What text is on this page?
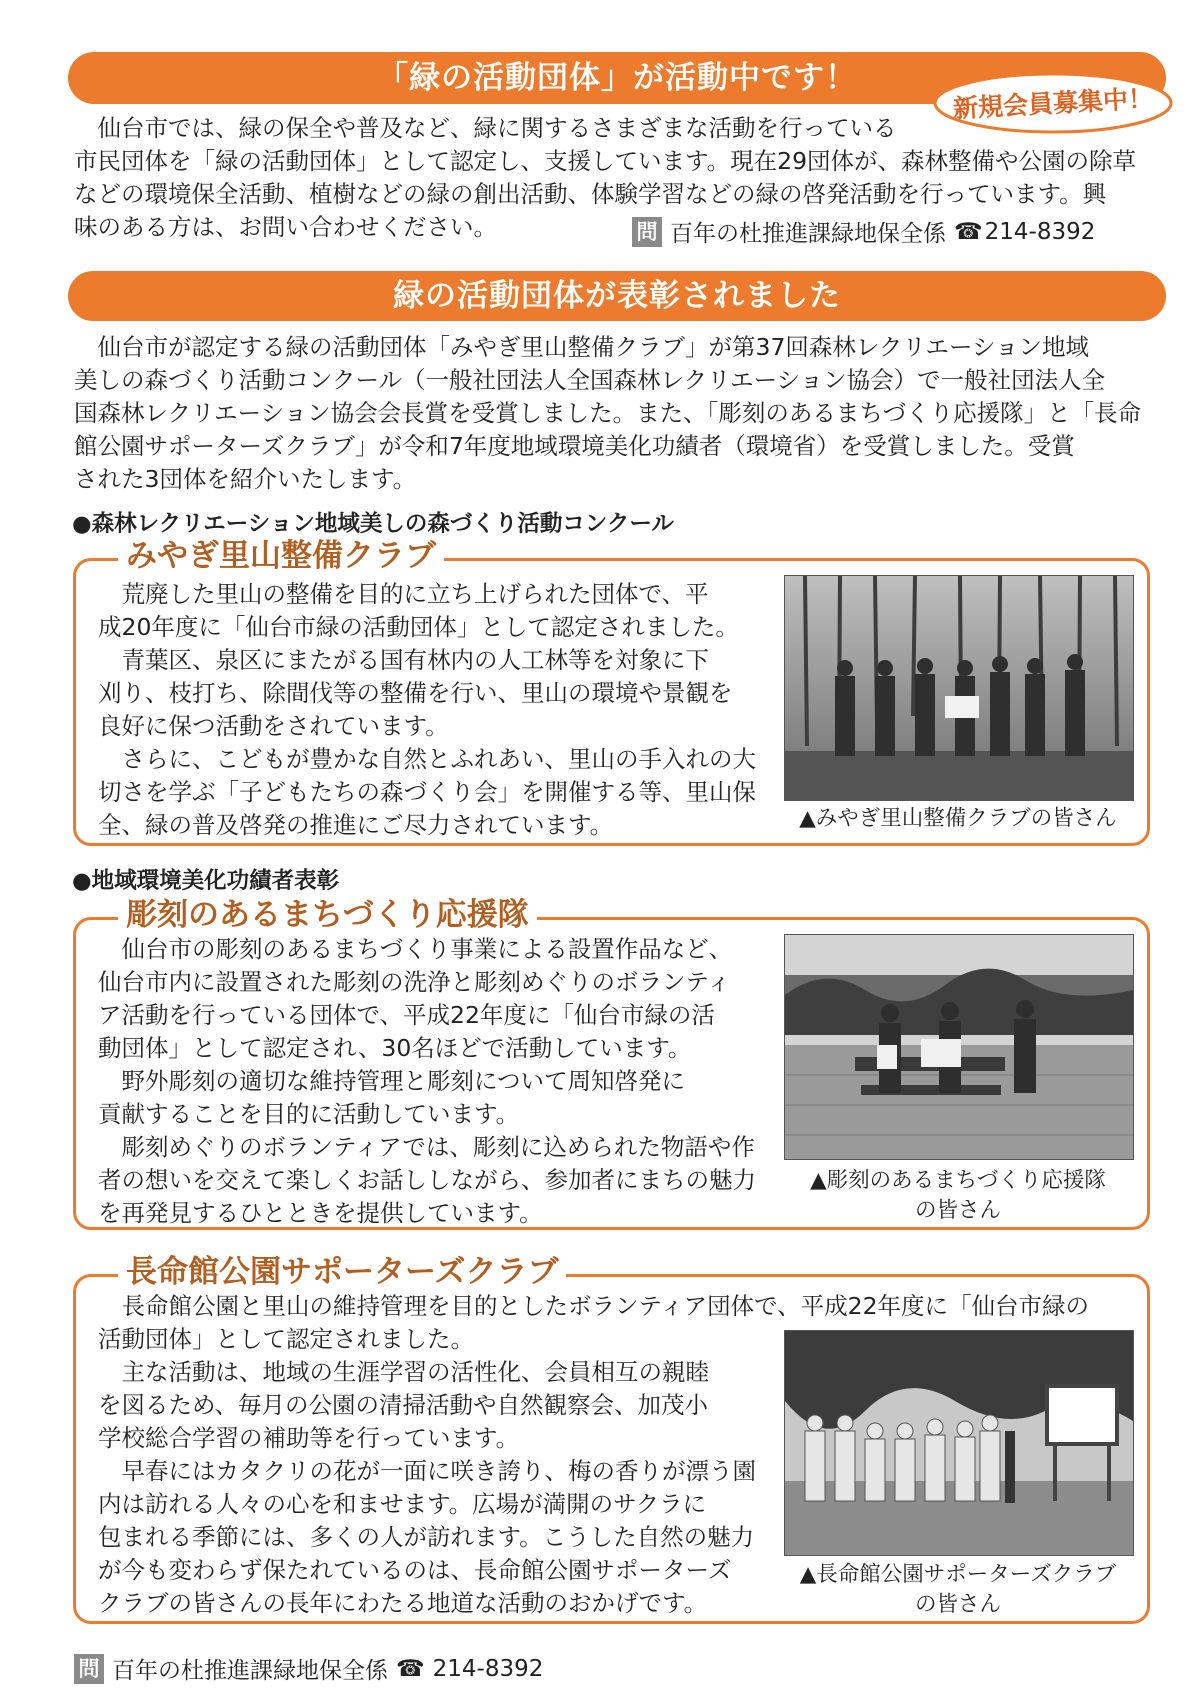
「緑の活動団体」が活動中です！
新規会員募集中！
仙台市では、緑の保全や普及など、緑に関するさまざまな活動を行っている
市民団体を「緑の活動団体」として認定し、支援しています。現在29団体が、森林整備や公園の除草
などの環境保全活動、植樹などの緑の創出活動、体験学習などの緑の啓発活動を行っています。興
味のある方は、お問い合わせください。	問 百年の杜推進課緑地保全係 ☎ 214-8392
緑の活動団体が表彰されました
仙台市が認定する緑の活動団体「みやぎ里山整備クラブ」が第37回森林レクリエーション地域
美しの森づくり活動コンクール（一般社団法人全国森林レクリエーション協会）で一般社団法人全
国森林レクリエーション協会会長賞を受賞しました。また、「彫刻のあるまちづくり応援隊」と「長命
館公園サポーターズクラブ」が令和7年度地域環境美化功績者（環境省）を受賞しました。受賞
された3団体を紹介いたします。
●森林レクリエーション地域美しの森づくり活動コンクール
みやぎ里山整備クラブ
荒廃した里山の整備を目的に立ち上げられた団体で、平
成20年度に「仙台市緑の活動団体」として認定されました。
青葉区、泉区にまたがる国有林内の人工林等を対象に下
刈り、枝打ち、除間伐等の整備を行い、里山の環境や景観を
良好に保つ活動をされています。
さらに、こどもが豊かな自然とふれあい、里山の手入れの大
切さを学ぶ「子どもたちの森づくり会」を開催する等、里山保
全、緑の普及啓発の推進にご尽力されています。	▲みやぎ里山整備クラブの皆さん
●地域環境美化功績者表彰
彫刻のあるまちづくり応援隊
仙台市の彫刻のあるまちづくり事業による設置作品など、
仙台市内に設置された彫刻の洗浄と彫刻めぐりのボランティ
ア活動を行っている団体で、平成22年度に「仙台市緑の活
動団体」として認定され、30名ほどで活動しています。
野外彫刻の適切な維持管理と彫刻について周知啓発に
貢献することを目的に活動しています。
彫刻めぐりのボランティアでは、彫刻に込められた物語や作
者の想いを交えて楽しくお話ししながら、参加者にまちの魅力
を再発見するひとときを提供しています。
▲彫刻のあるまちづくり応援隊
の皆さん
長命館公園サポーターズクラブ
長命館公園と里山の維持管理を目的としたボランティア団体で、平成22年度に「仙台市緑の
活動団体」として認定されました。
主な活動は、地域の生涯学習の活性化、会員相互の親睦
を図るため、毎月の公園の清掃活動や自然観察会、加茂小
学校総合学習の補助等を行っています。
早春にはカタクリの花が一面に咲き誇り、梅の香りが漂う園
内は訪れる人々の心を和ませます。広場が満開のサクラに
包まれる季節には、多くの人が訪れます。こうした自然の魅力
が今も変わらず保たれているのは、長命館公園サポーターズ
クラブの皆さんの長年にわたる地道な活動のおかげです。
▲長命館公園サポーターズクラブ
の皆さん
問 百年の杜推進課緑地保全係 ☎ 214-8392
